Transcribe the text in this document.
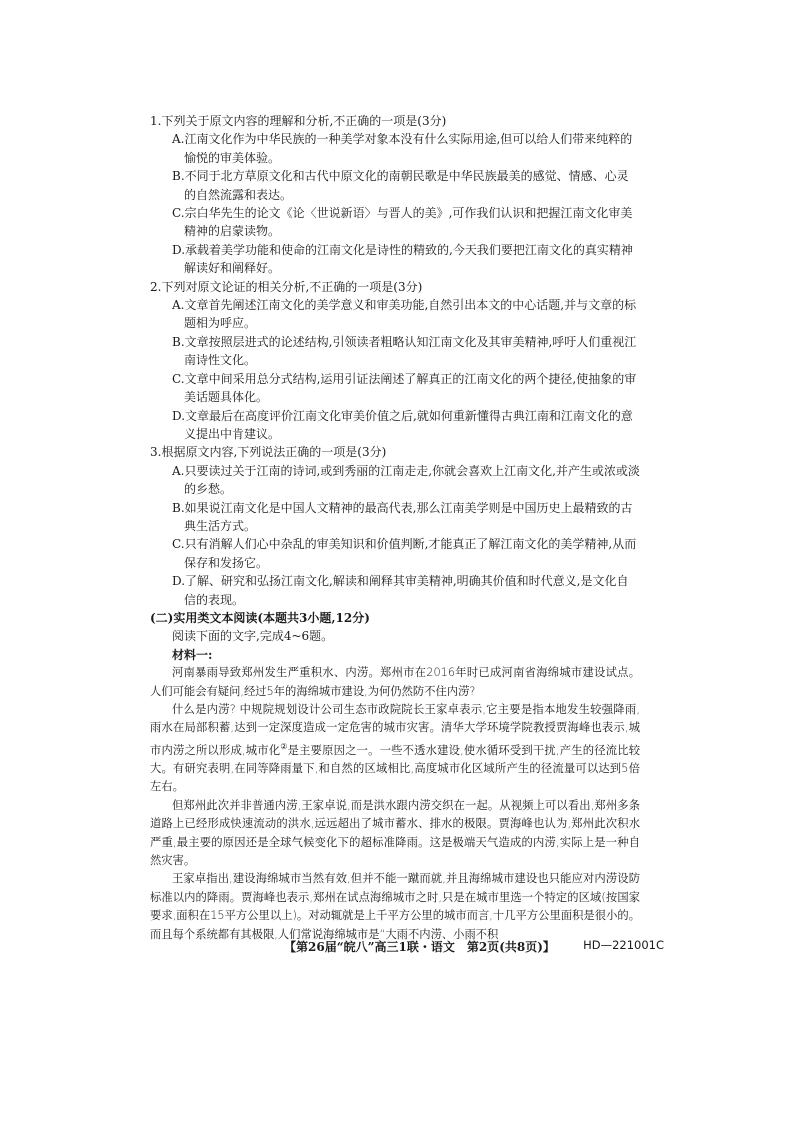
1.下列关于原文内容的理解和分析,不正确的一项是(3分)

A.江南文化作为中华民族的一种美学对象本没有什么实际用途,但可以给人们带来纯粹的愉悦的审美体验。

B.不同于北方草原文化和古代中原文化的南朝民歌是中华民族最美的感觉、情感、心灵的自然流露和表达。

C.宗白华先生的论文《论〈世说新语〉与晋人的美》,可作我们认识和把握江南文化审美精神的启蒙读物。

D.承载着美学功能和使命的江南文化是诗性的精致的,今天我们要把江南文化的真实精神解读好和阐释好。

2.下列对原文论证的相关分析,不正确的一项是(3分)

A.文章首先阐述江南文化的美学意义和审美功能,自然引出本文的中心话题,并与文章的标题相为呼应。

B.文章按照层进式的论述结构,引领读者粗略认知江南文化及其审美精神,呼吁人们重视江南诗性文化。

C.文章中间采用总分式结构,运用引证法阐述了解真正的江南文化的两个捷径,使抽象的审美话题具体化。

D.文章最后在高度评价江南文化审美价值之后,就如何重新懂得古典江南和江南文化的意义提出中肯建议。

3.根据原文内容,下列说法正确的一项是(3分)

A.只要读过关于江南的诗词,或到秀丽的江南走走,你就会喜欢上江南文化,并产生或浓或淡的乡愁。

B.如果说江南文化是中国人文精神的最高代表,那么江南美学则是中国历史上最精致的古典生活方式。

C.只有消解人们心中杂乱的审美知识和价值判断,才能真正了解江南文化的美学精神,从而保存和发扬它。

D.了解、研究和弘扬江南文化,解读和阐释其审美精神,明确其价值和时代意义,是文化自信的表现。

(二)实用类文本阅读(本题共3小题,12分)

阅读下面的文字,完成4~6题。

材料一:

河南暴雨导致郑州发生严重积水、内涝。郑州市在2016年时已成河南省海绵城市建设试点。人们可能会有疑问,经过5年的海绵城市建设,为何仍然防不住内涝?

什么是内涝? 中规院规划设计公司生态市政院院长王家卓表示,它主要是指本地发生较强降雨,雨水在局部积蓄,达到一定深度造成一定危害的城市灾害。清华大学环境学院教授贾海峰也表示,城市内涝之所以形成,城市化②是主要原因之一。一些不透水建设,使水循环受到干扰,产生的径流比较大。有研究表明,在同等降雨量下,和自然的区域相比,高度城市化区域所产生的径流量可以达到5倍左右。

但郑州此次并非普通内涝,王家卓说,而是洪水跟内涝交织在一起。从视频上可以看出,郑州多条道路上已经形成快速流动的洪水,远远超出了城市蓄水、排水的极限。贾海峰也认为,郑州此次积水严重,最主要的原因还是全球气候变化下的超标准降雨。这是极端天气造成的内涝,实际上是一种自然灾害。

王家卓指出,建设海绵城市当然有效,但并不能一蹴而就,并且海绵城市建设也只能应对内涝设防标准以内的降雨。贾海峰也表示,郑州在试点海绵城市之时,只是在城市里选一个特定的区域(按国家要求,面积在15平方公里以上)。对动辄就是上千平方公里的城市而言,十几平方公里面积是很小的。而且每个系统都有其极限,人们常说海绵城市是“大雨不内涝、小雨不积

【第26届“皖八”高三1联・语文　第2页(共8页)】 HD—221001C
